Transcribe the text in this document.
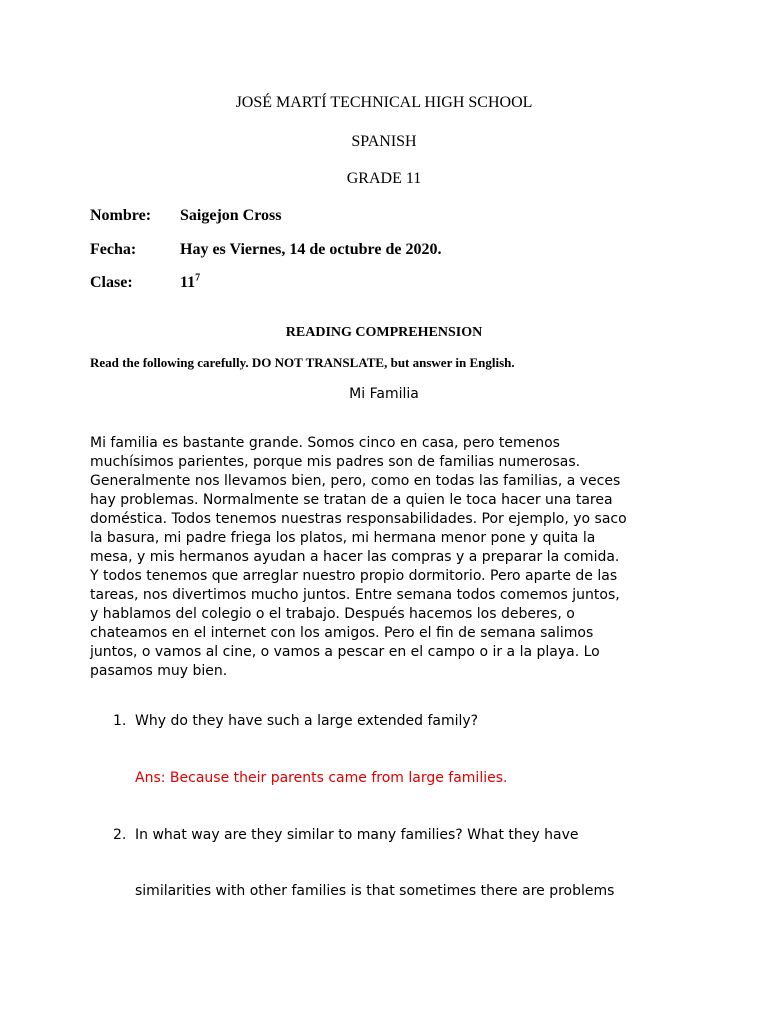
JOSÉ MARTÍ TECHNICAL HIGH SCHOOL
SPANISH
GRADE 11
Nombre: Saigejon Cross
Fecha:	Hay es Viernes, 14 de octubre de 2020.
Clase:	$11^7$
READING COMPREHENSION
Read the following carefully. DO NOT TRANSLATE, but answer in English.
Mi Familia
Mi familia es bastante grande. Somos cinco en casa, pero temenos
muchísimos parientes, porque mis padres son de familias numerosas.
Generalmente nos llevamos bien, pero, como en todas las familias, a veces
hay problemas. Normalmente se tratan de a quien le toca hacer una tarea
doméstica. Todos tenemos nuestras responsabilidades. Por ejemplo, yo saco
la basura, mi padre friega los platos, mi hermana menor pone y quita la
mesa, y mis hermanos ayudan a hacer las compras y a preparar la comida.
Y todos tenemos que arreglar nuestro propio dormitorio. Pero aparte de las
tareas, nos divertimos mucho juntos. Entre semana todos comemos juntos,
y hablamos del colegio o el trabajo. Después hacemos los deberes, o
chateamos en el internet con los amigos. Pero el fin de semana salimos
juntos, o vamos al cine, o vamos a pescar en el campo o ir a la playa. Lo
pasamos muy bien.
1. Why do they have such a large extended family?
Ans: Because their parents came from large families.
2. In what way are they similar to many families? What they have
similarities with other families is that sometimes there are problems
